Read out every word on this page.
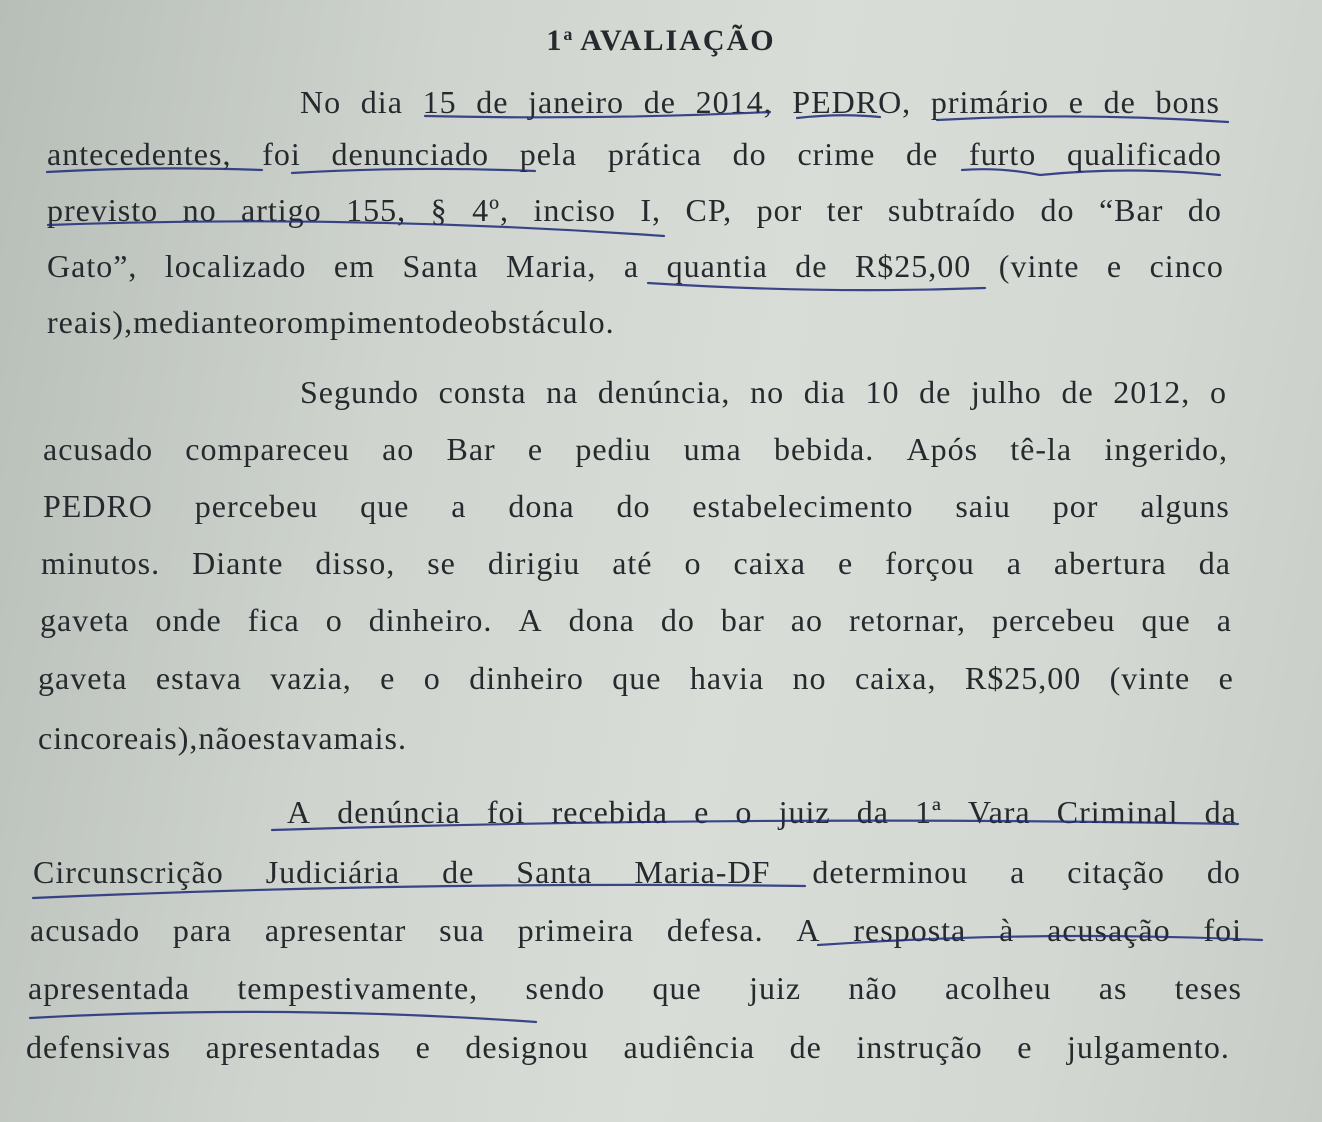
1$^a$ AVALIAÇÃO
No dia 15 de janeiro de 2014, PEDRO, primário e de bons
antecedentes, foi denunciado pela prática do crime de furto qualificado
previsto no artigo 155, § 4º, inciso I, CP, por ter subtraído do “Bar do
Gato”, localizado em Santa Maria, a quantia de R$25,00 (vinte e cinco
reais), mediante o rompimento de obstáculo.
Segundo consta na denúncia, no dia 10 de julho de 2012, o
acusado compareceu ao Bar e pediu uma bebida. Após tê-la ingerido,
PEDRO percebeu que a dona do estabelecimento saiu por alguns
minutos. Diante disso, se dirigiu até o caixa e forçou a abertura da
gaveta onde fica o dinheiro. A dona do bar ao retornar, percebeu que a
gaveta estava vazia, e o dinheiro que havia no caixa, R$25,00 (vinte e
cinco reais), não estava mais.
A denúncia foi recebida e o juiz da 1ª Vara Criminal da
Circunscrição Judiciária de Santa Maria-DF determinou a citação do
acusado para apresentar sua primeira defesa. A resposta à acusação foi
apresentada tempestivamente, sendo que juiz não acolheu as teses
defensivas apresentadas e designou audiência de instrução e julgamento.
